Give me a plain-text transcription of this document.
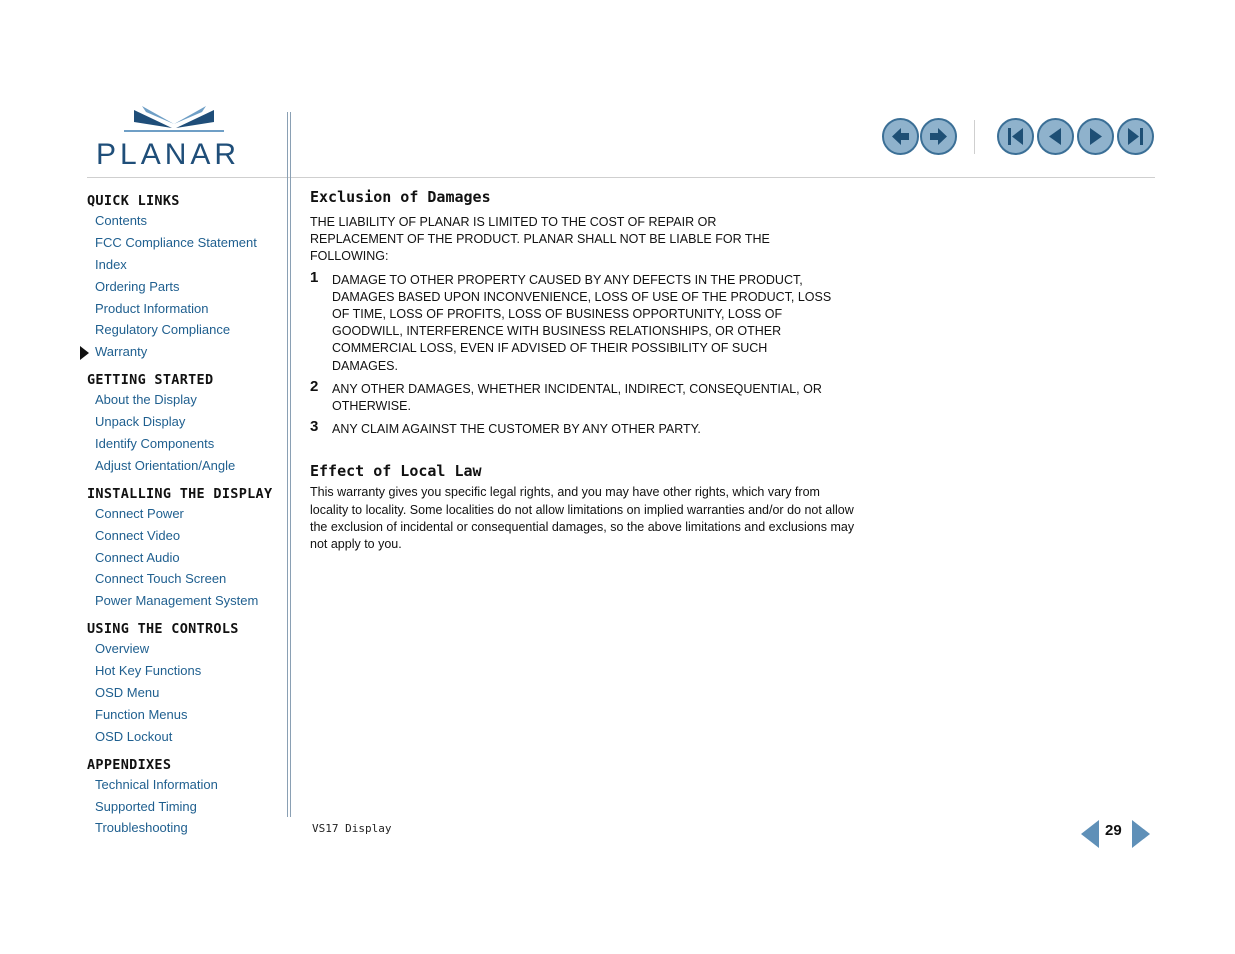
PLANAR
QUICK LINKS
Contents
FCC Compliance Statement
Index
Ordering Parts
Product Information
Regulatory Compliance
Warranty
GETTING STARTED
About the Display
Unpack Display
Identify Components
Adjust Orientation/Angle
INSTALLING THE DISPLAY
Connect Power
Connect Video
Connect Audio
Connect Touch Screen
Power Management System
USING THE CONTROLS
Overview
Hot Key Functions
OSD Menu
Function Menus
OSD Lockout
APPENDIXES
Technical Information
Supported Timing
Troubleshooting
Exclusion of Damages
THE LIABILITY OF PLANAR IS LIMITED TO THE COST OF REPAIR OR REPLACEMENT OF THE PRODUCT. PLANAR SHALL NOT BE LIABLE FOR THE FOLLOWING:
1 DAMAGE TO OTHER PROPERTY CAUSED BY ANY DEFECTS IN THE PRODUCT, DAMAGES BASED UPON INCONVENIENCE, LOSS OF USE OF THE PRODUCT, LOSS OF TIME, LOSS OF PROFITS, LOSS OF BUSINESS OPPORTUNITY, LOSS OF GOODWILL, INTERFERENCE WITH BUSINESS RELATIONSHIPS, OR OTHER COMMERCIAL LOSS, EVEN IF ADVISED OF THEIR POSSIBILITY OF SUCH DAMAGES.
2 ANY OTHER DAMAGES, WHETHER INCIDENTAL, INDIRECT, CONSEQUENTIAL, OR OTHERWISE.
3 ANY CLAIM AGAINST THE CUSTOMER BY ANY OTHER PARTY.
Effect of Local Law
This warranty gives you specific legal rights, and you may have other rights, which vary from locality to locality. Some localities do not allow limitations on implied warranties and/or do not allow the exclusion of incidental or consequential damages, so the above limitations and exclusions may not apply to you.
VS17 Display	29
